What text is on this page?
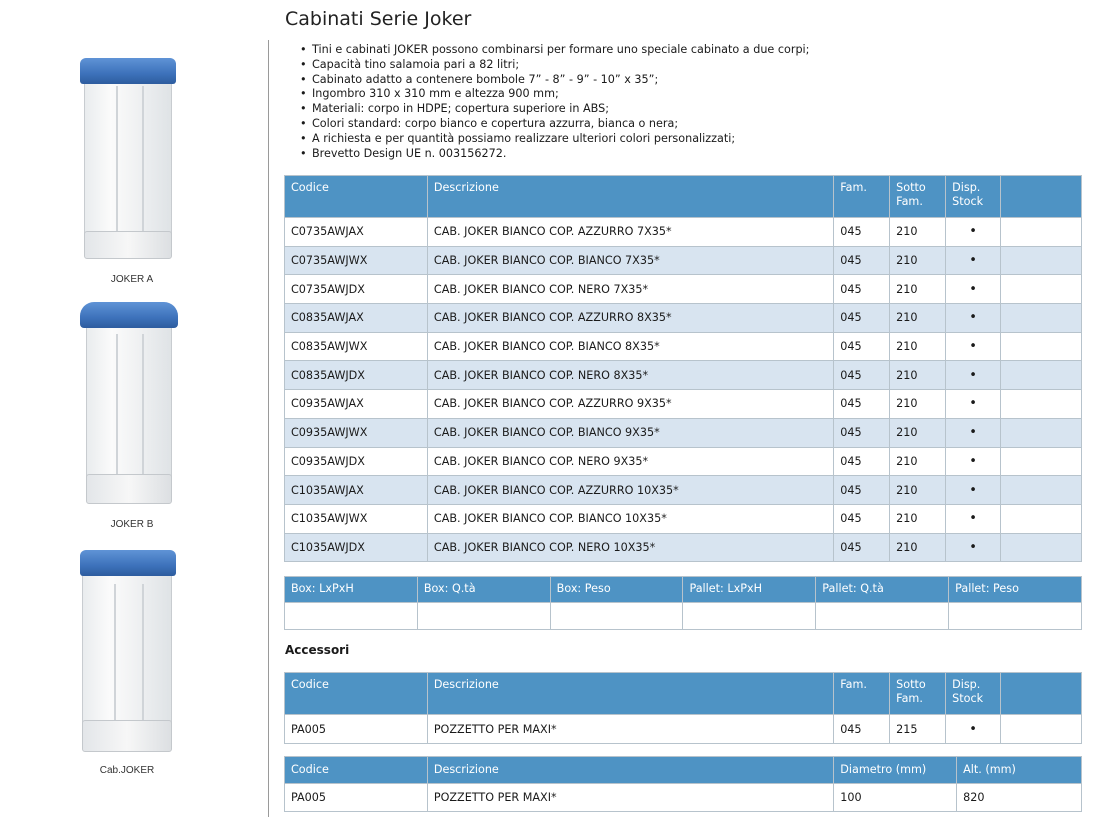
JOKER A
JOKER B
Cab.JOKER
Cabinati Serie Joker
• Tini e cabinati JOKER possono combinarsi per formare uno speciale cabinato a due corpi;
• Capacità tino salamoia pari a 82 litri;
• Cabinato adatto a contenere bombole 7” - 8” - 9” - 10” x 35”;
• Ingombro 310 x 310 mm e altezza 900 mm;
• Materiali: corpo in HDPE; copertura superiore in ABS;
• Colori standard: corpo bianco e copertura azzurra, bianca o nera;
• A richiesta e per quantità possiamo realizzare ulteriori colori personalizzati;
• Brevetto Design UE n. 003156272.
Codice	Descrizione	Fam.	Sotto Fam.	Disp. Stock	
C0735AWJAX	CAB. JOKER BIANCO COP. AZZURRO 7X35*	045	210	•	
C0735AWJWX	CAB. JOKER BIANCO COP. BIANCO 7X35*	045	210	•	
C0735AWJDX	CAB. JOKER BIANCO COP. NERO 7X35*	045	210	•	
C0835AWJAX	CAB. JOKER BIANCO COP. AZZURRO 8X35*	045	210	•	
C0835AWJWX	CAB. JOKER BIANCO COP. BIANCO 8X35*	045	210	•	
C0835AWJDX	CAB. JOKER BIANCO COP. NERO 8X35*	045	210	•	
C0935AWJAX	CAB. JOKER BIANCO COP. AZZURRO 9X35*	045	210	•	
C0935AWJWX	CAB. JOKER BIANCO COP. BIANCO 9X35*	045	210	•	
C0935AWJDX	CAB. JOKER BIANCO COP. NERO 9X35*	045	210	•	
C1035AWJAX	CAB. JOKER BIANCO COP. AZZURRO 10X35*	045	210	•	
C1035AWJWX	CAB. JOKER BIANCO COP. BIANCO 10X35*	045	210	•	
C1035AWJDX	CAB. JOKER BIANCO COP. NERO 10X35*	045	210	•	
Box: LxPxH	Box: Q.tà	Box: Peso	Pallet: LxPxH	Pallet: Q.tà	Pallet: Peso

Accessori
Codice	Descrizione	Fam.	Sotto Fam.	Disp. Stock	
PA005	POZZETTO PER MAXI*	045	215	•	
Codice	Descrizione	Diametro (mm)	Alt. (mm)
PA005	POZZETTO PER MAXI*	100	820
